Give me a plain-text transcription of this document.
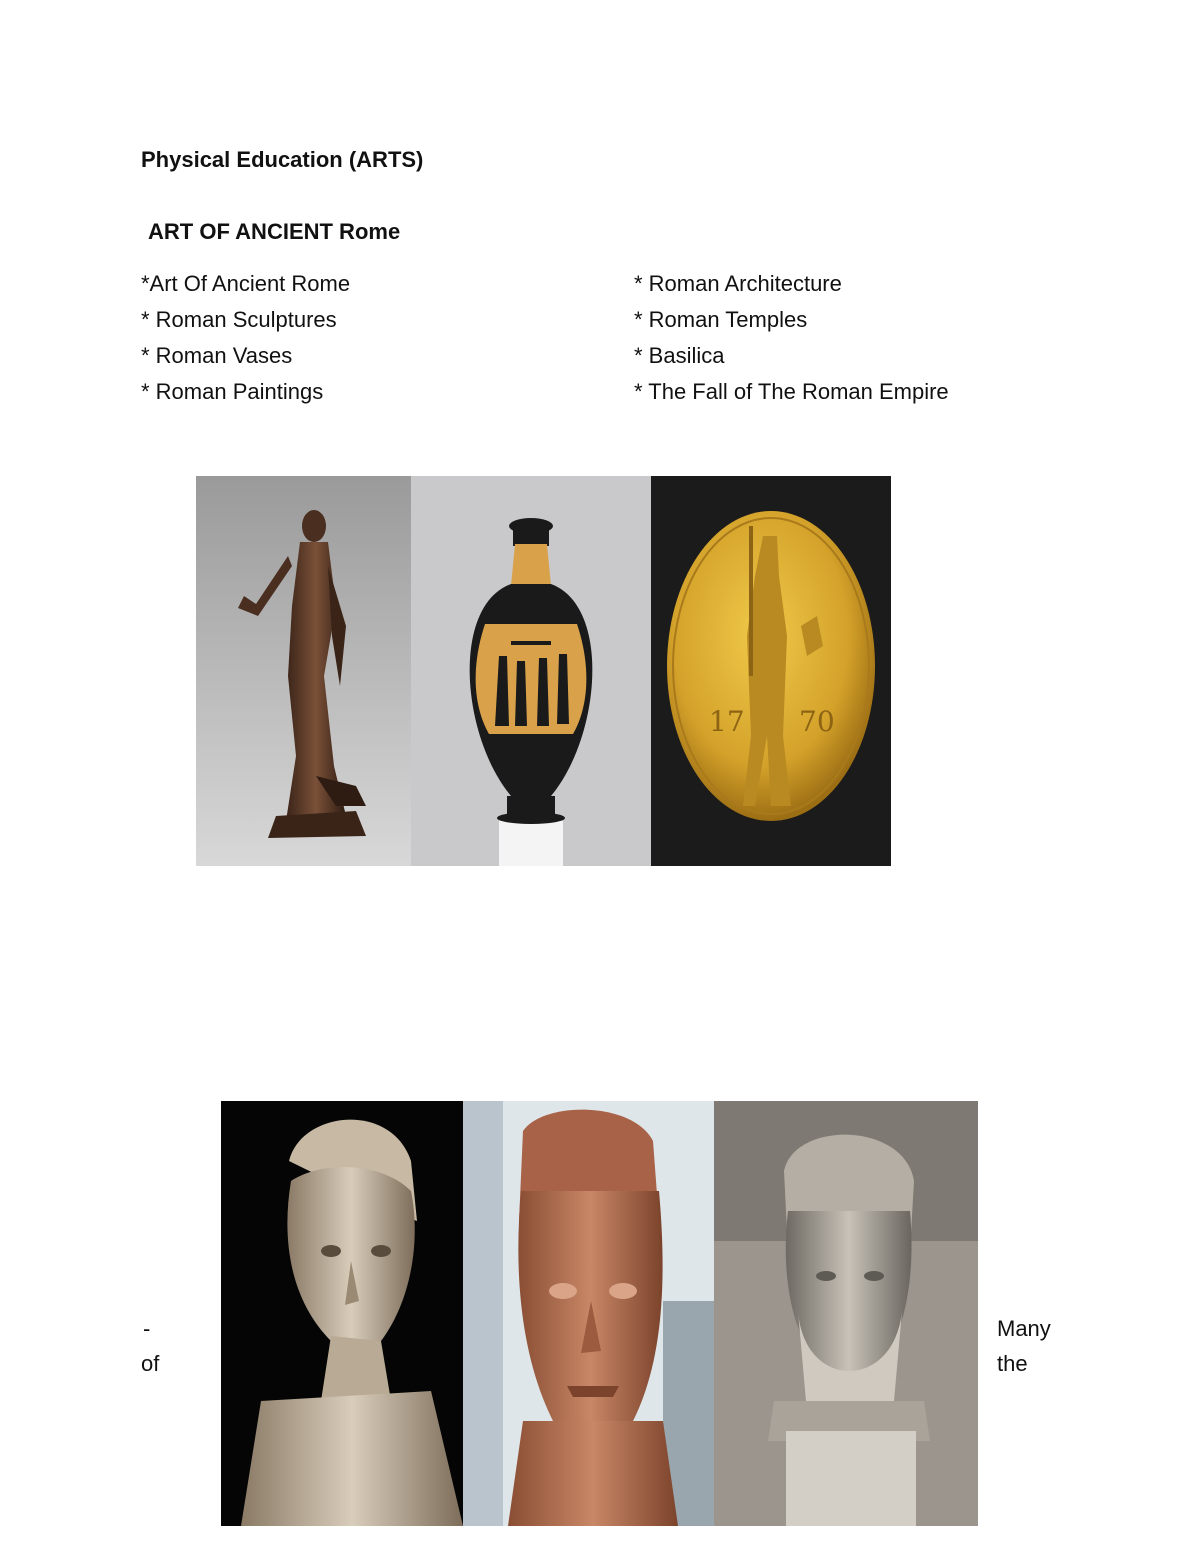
Physical Education (ARTS)
ART OF ANCIENT Rome
*Art Of Ancient Rome
* Roman Sculptures
* Roman Vases
* Roman Paintings
* Roman Architecture
* Roman Temples
* Basilica
* The Fall of The Roman Empire
17 70
-
of
Many
the
